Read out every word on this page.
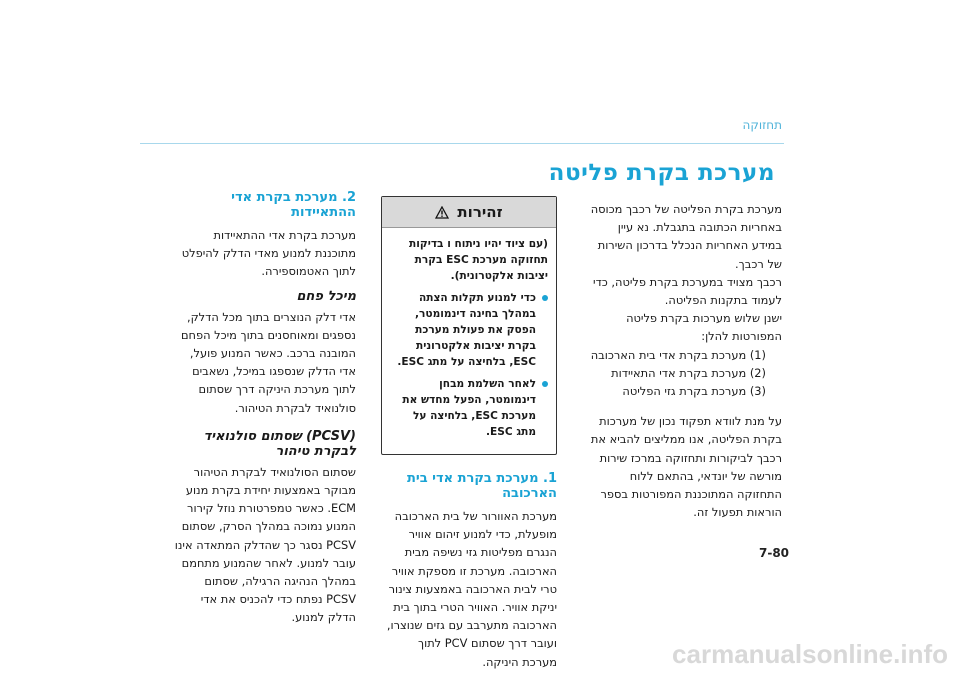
תחזוקה
מערכת בקרת פליטה

מערכת בקרת הפליטה של רכבך מכוסה באחריות הכתובה בתגבלת. נא עיין במידע האחריות הנכלל בדרכון השירות של רכבך.

רכבך מצויד במערכת בקרת פליטה, כדי לעמוד בתקנות הפליטה.

ישנן שלוש מערכות בקרת פליטה המפורטות להלן:

(1) מערכת בקרת אדי בית הארכובה
(2) מערכת בקרת אדי התאיידות
(3) מערכת בקרת גזי הפליטה

על מנת לוודא תפקוד נכון של מערכות בקרת הפליטה, אנו ממליצים להביא את רכבך לביקורות ותחזוקה במרכז שירות מורשה של יונדאי, בהתאם ללוח התחזוקה המתוכננת המפורטות בספר הוראות תפעול זה.

זהירות

(עם ציוד יהיו ניתוח ו בדיקות תחזוקה מערכת ESC בקרת יציבות אלקטרונית).

כדי למנוע תקלות הצתה במהלך בחינה דינמומטר, הפסק את פעולת מערכת בקרת יציבות אלקטרונית ESC, בלחיצה על מתג ESC.
לאחר השלמת מבחן דינמומטר, הפעל מחדש את מערכת ESC, בלחיצה על מתג ESC.
1. מערכת בקרת אדי בית הארכובה

מערכת האוורור של בית הארכובה מופעלת, כדי למנוע זיהום אוויר הנגרם מפליטות גזי נשיפה מבית הארכובה. מערכת זו מספקת אוויר טרי לבית הארכובה באמצעות צינור יניקת אוויר. האוויר הטרי בתוך בית הארכובה מתערבב עם גזים שנוצרו, ועובר דרך שסתום PCV לתוך מערכת היניקה.

2. מערכת בקרת אדי ההתאיידות

מערכת בקרת אדי ההתאיידות מתוכננת למנוע מאדי הדלק להיפלט לתוך האטמוספירה.

מיכל פחם

אדי דלק הנוצרים בתוך מכל הדלק, נספגים ומאוחסנים בתוך מיכל הפחם המובנה ברכב. כאשר המנוע פועל, אדי הדלק שנספגו במיכל, נשאבים לתוך מערכת היניקה דרך שסתום סולנואיד לבקרת הטיהור.

(PCSV) שסתום סולנואיד לבקרת טיהור

שסתום הסולנואיד לבקרת הטיהור מבוקר באמצעות יחידת בקרת מנוע ECM. כאשר טמפרטורת נוזל קירור המנוע נמוכה במהלך הסרק, שסתום PCSV נסגר כך שהדלק המתאדה אינו עובר למנוע. לאחר שהמנוע מתחמם במהלך הנהיגה הרגילה, שסתום PCSV נפתח כדי להכניס את אדי הדלק למנוע.

7-80
carmanualsonline.info
